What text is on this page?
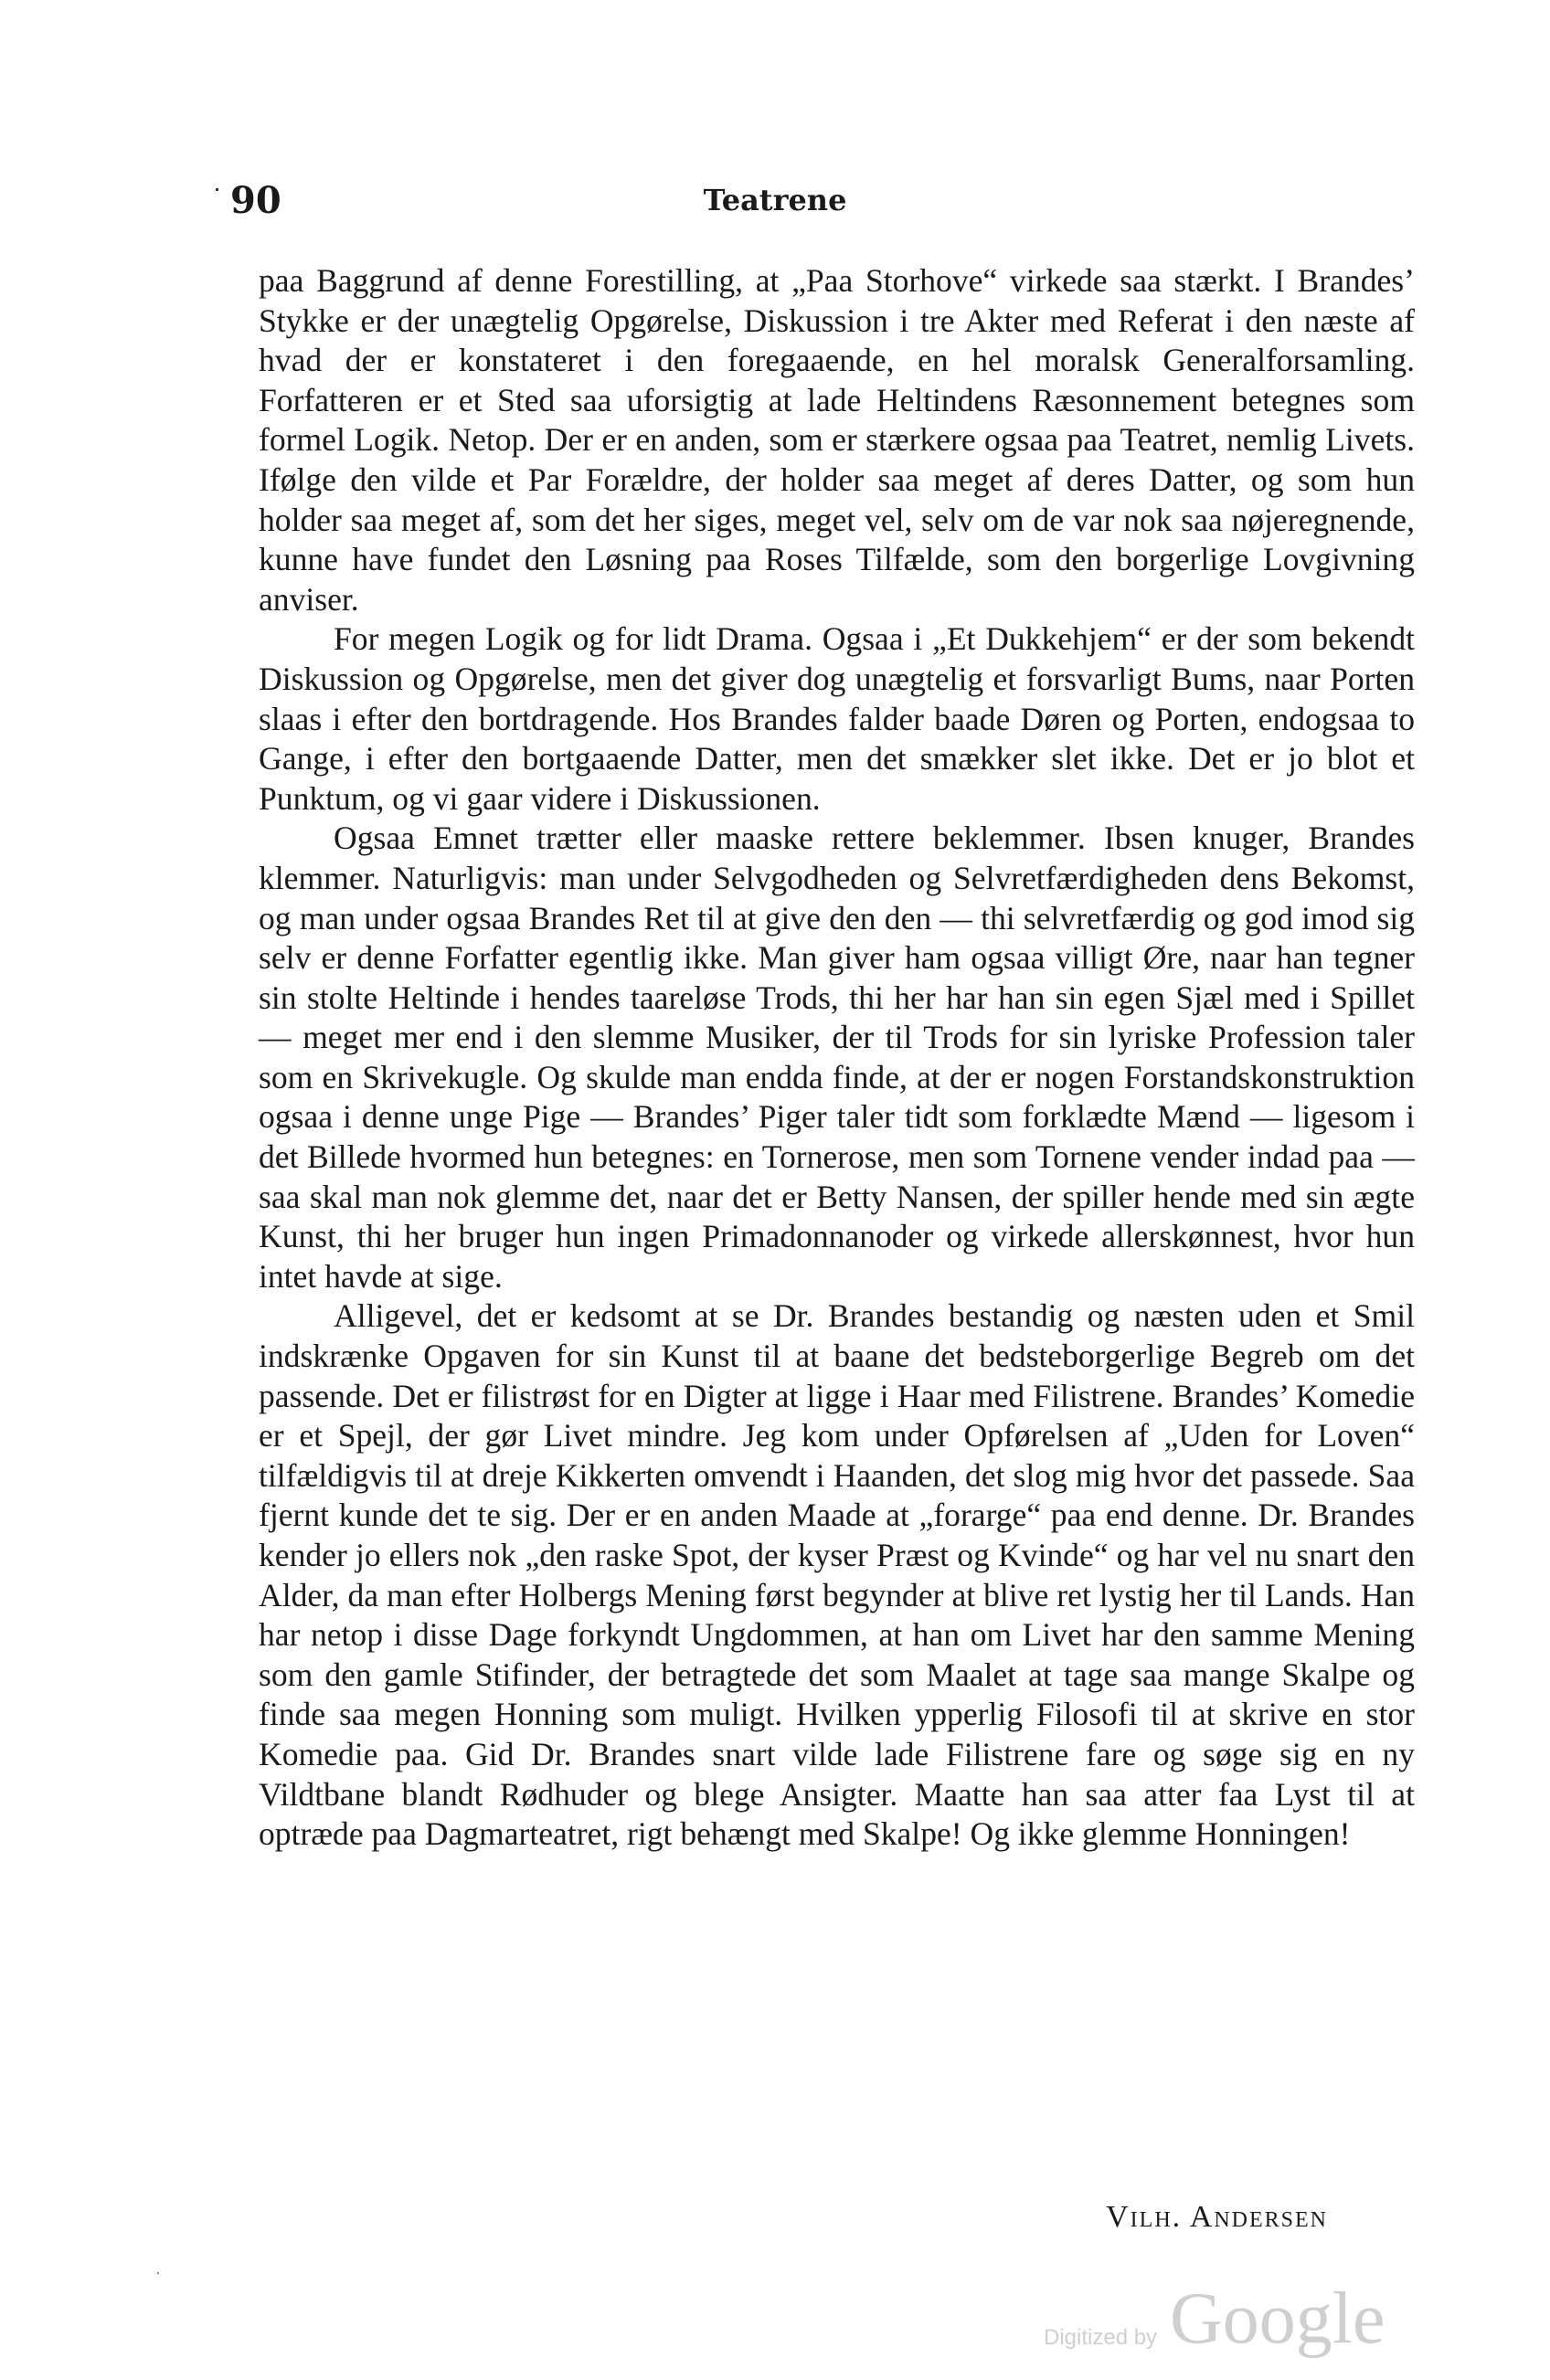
90	Teatrene

paa Baggrund af denne Forestilling, at „Paa Storhove“ virkede saa stærkt. I Brandes’ Stykke er der unægtelig Opgørelse, Diskussion i tre Akter med Referat i den næste af hvad der er konstateret i den foregaaende, en hel moralsk Generalforsamling. Forfatteren er et Sted saa uforsigtig at lade Heltindens Ræsonnement betegnes som formel Logik. Netop. Der er en anden, som er stærkere ogsaa paa Teatret, nemlig Livets. Ifølge den vilde et Par Forældre, der holder saa meget af deres Datter, og som hun holder saa meget af, som det her siges, meget vel, selv om de var nok saa nøjeregnende, kunne have fundet den Løsning paa Roses Tilfælde, som den borgerlige Lovgivning anviser.

For megen Logik og for lidt Drama. Ogsaa i „Et Dukkehjem“ er der som bekendt Diskussion og Opgørelse, men det giver dog unægtelig et forsvarligt Bums, naar Porten slaas i efter den bortdragende. Hos Brandes falder baade Døren og Porten, endogsaa to Gange, i efter den bortgaaende Datter, men det smækker slet ikke. Det er jo blot et Punktum, og vi gaar videre i Diskussionen.

Ogsaa Emnet trætter eller maaske rettere beklemmer. Ibsen knuger, Brandes klemmer. Naturligvis: man under Selvgodheden og Selvretfærdigheden dens Bekomst, og man under ogsaa Brandes Ret til at give den den — thi selvretfærdig og god imod sig selv er denne Forfatter egentlig ikke. Man giver ham ogsaa villigt Øre, naar han tegner sin stolte Heltinde i hendes taareløse Trods, thi her har han sin egen Sjæl med i Spillet — meget mer end i den slemme Musiker, der til Trods for sin lyriske Profession taler som en Skrivekugle. Og skulde man endda finde, at der er nogen Forstandskonstruktion ogsaa i denne unge Pige — Brandes’ Piger taler tidt som forklædte Mænd — ligesom i det Billede hvormed hun betegnes: en Tornerose, men som Tornene vender indad paa — saa skal man nok glemme det, naar det er Betty Nansen, der spiller hende med sin ægte Kunst, thi her bruger hun ingen Primadonnanoder og virkede allerskønnest, hvor hun intet havde at sige.

Alligevel, det er kedsomt at se Dr. Brandes bestandig og næsten uden et Smil indskrænke Opgaven for sin Kunst til at baane det bedsteborgerlige Begreb om det passende. Det er filistrøst for en Digter at ligge i Haar med Filistrene. Brandes’ Komedie er et Spejl, der gør Livet mindre. Jeg kom under Opførelsen af „Uden for Loven“ tilfældigvis til at dreje Kikkerten omvendt i Haanden, det slog mig hvor det passede. Saa fjernt kunde det te sig. Der er en anden Maade at „forarge“ paa end denne. Dr. Brandes kender jo ellers nok „den raske Spot, der kyser Præst og Kvinde“ og har vel nu snart den Alder, da man efter Holbergs Mening først begynder at blive ret lystig her til Lands. Han har netop i disse Dage forkyndt Ungdommen, at han om Livet har den samme Mening som den gamle Stifinder, der betragtede det som Maalet at tage saa mange Skalpe og finde saa megen Honning som muligt. Hvilken ypperlig Filosofi til at skrive en stor Komedie paa. Gid Dr. Brandes snart vilde lade Filistrene fare og søge sig en ny Vildtbane blandt Rødhuder og blege Ansigter. Maatte han saa atter faa Lyst til at optræde paa Dagmarteatret, rigt behængt med Skalpe! Og ikke glemme Honningen!

Vilh. Andersen
Digitized by Google
